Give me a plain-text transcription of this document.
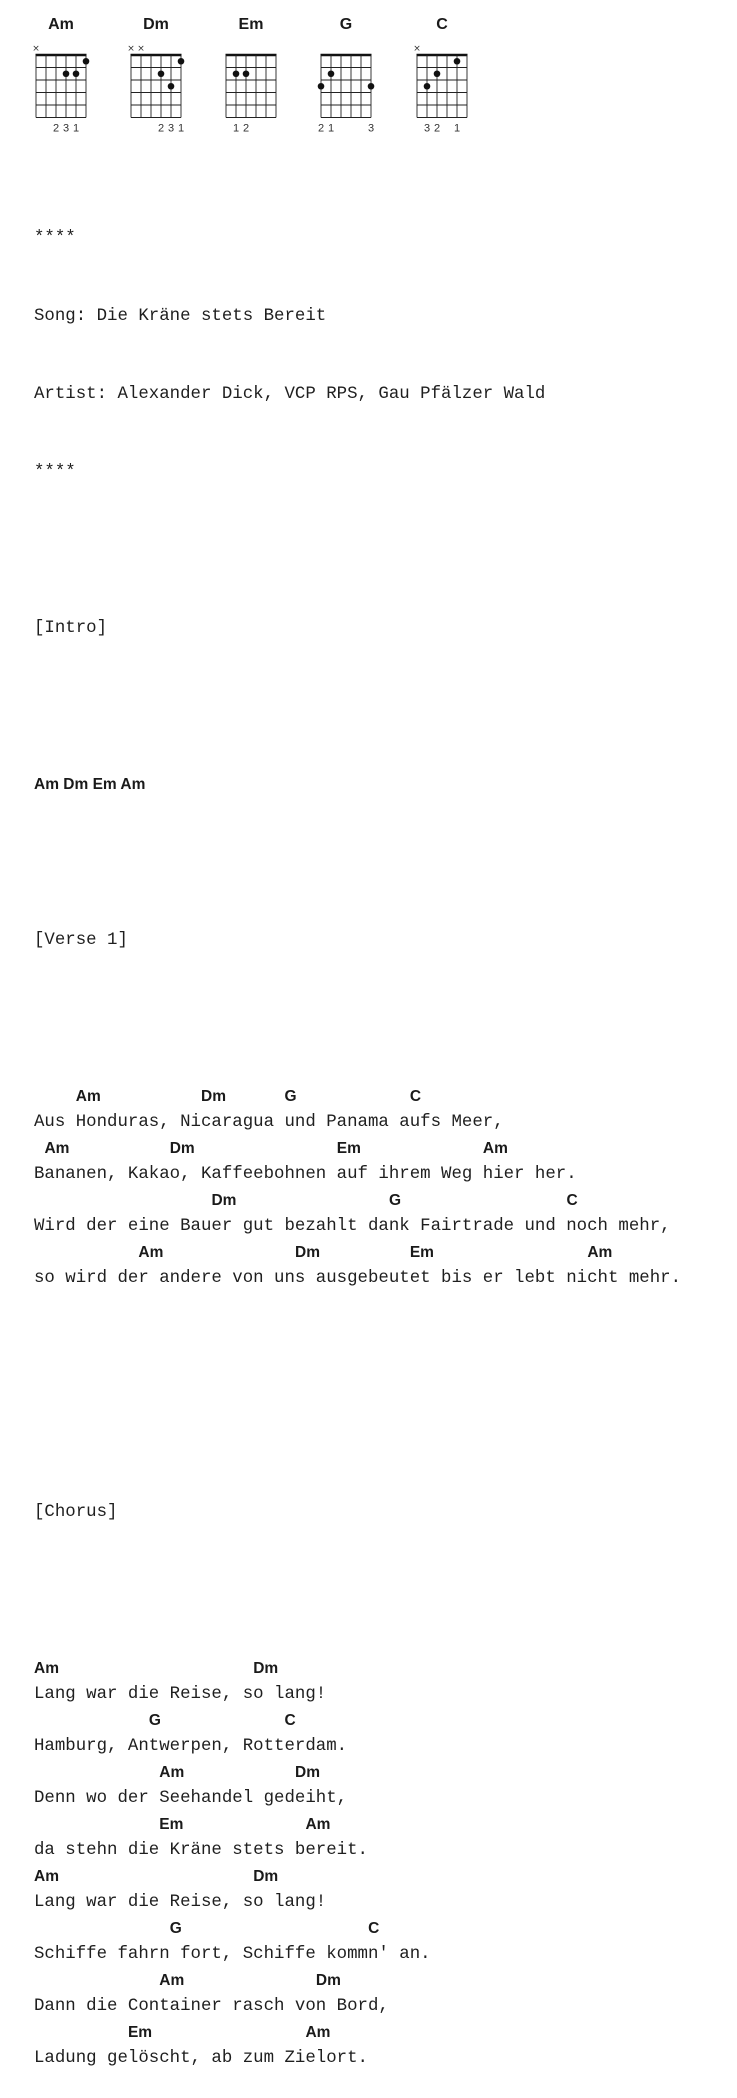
Am
×
2 3 1
Dm
× ×
2 3 1
Em
1 2
G
2 1	3
C
×
3 2 1

****

Song: Die Kräne stets Bereit

Artist: Alexander Dick, VCP RPS, Gau Pfälzer Wald

****

[Intro]

Am Dm Em Am

[Verse 1]

Am	Dm	G	C
Aus Honduras, Nicaragua und Panama aufs Meer,
Am	Dm	Em	Am
Bananen, Kakao, Kaffeebohnen auf ihrem Weg hier her.
Dm	G	C
Wird der eine Bauer gut bezahlt dank Fairtrade und noch mehr,
Am	Dm	Em	Am
so wird der andere von uns ausgebeutet bis er lebt nicht mehr.

[Chorus]

Am	Dm
Lang war die Reise, so lang!
G	C
Hamburg, Antwerpen, Rotterdam.
Am	Dm
Denn wo der Seehandel gedeiht,
Em	Am
da stehn die Kräne stets bereit.
Am	Dm
Lang war die Reise, so lang!
G	C
Schiffe fahrn fort, Schiffe kommn' an.
Am	Dm
Dann die Container rasch von Bord,
Em	Am
Ladung gelöscht, ab zum Zielort.
